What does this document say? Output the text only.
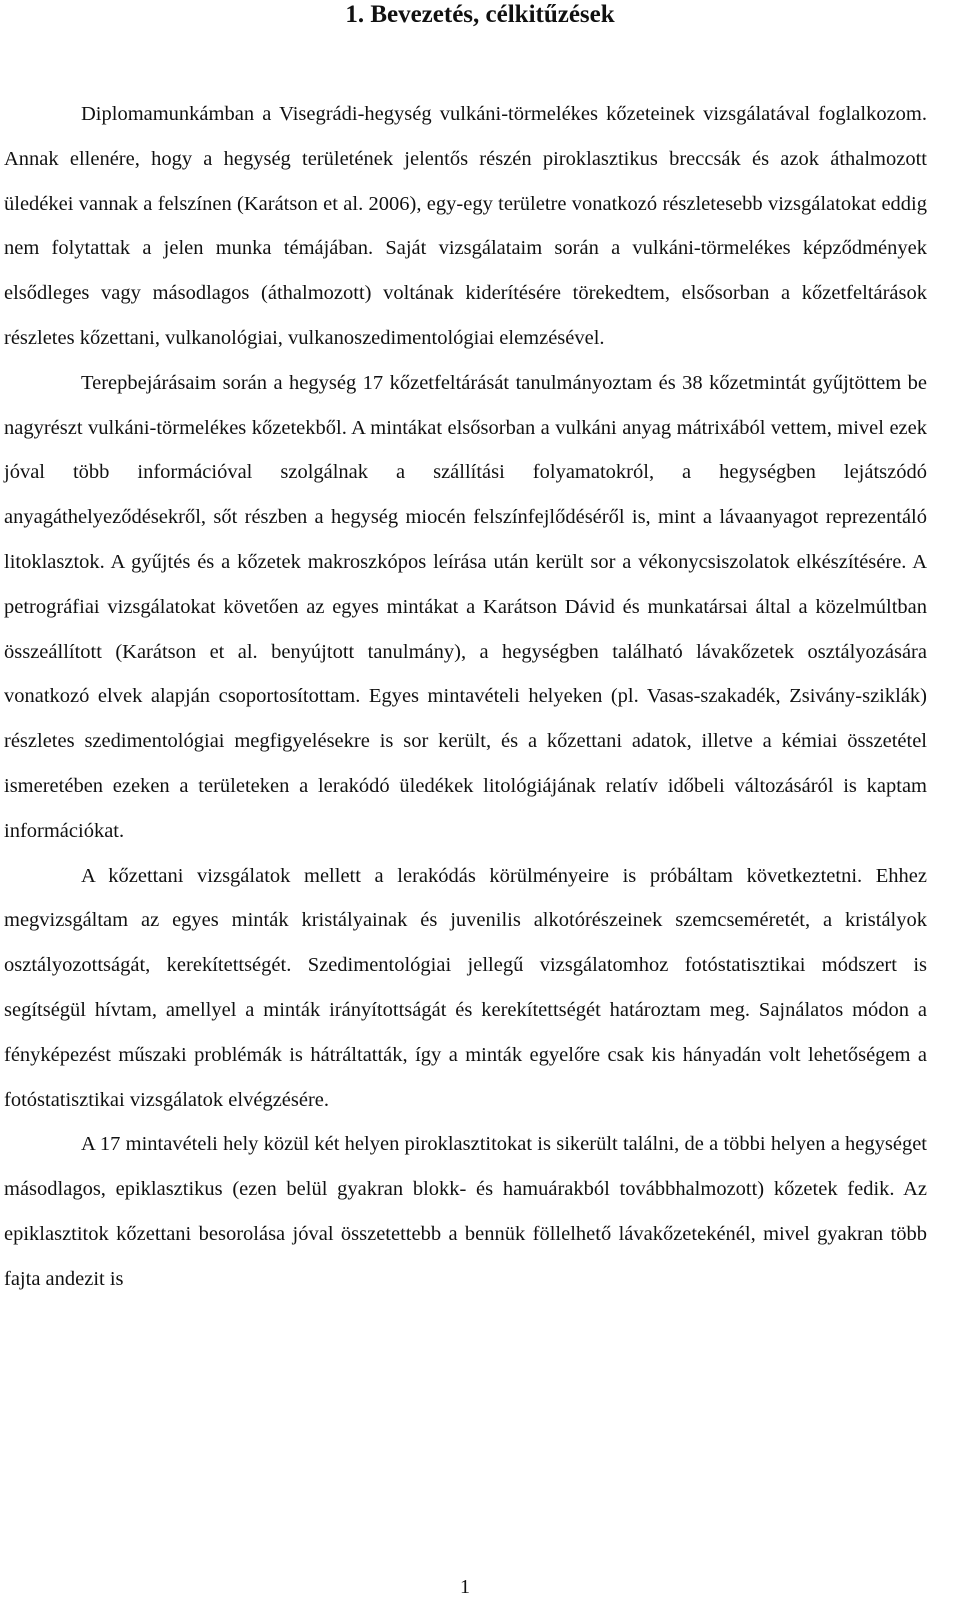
1. Bevezetés, célkitűzések

Diplomamunkámban a Visegrádi-hegység vulkáni-törmelékes kőzeteinek vizsgálatával foglalkozom. Annak ellenére, hogy a hegység területének jelentős részén piroklasztikus breccsák és azok áthalmozott üledékei vannak a felszínen (Karátson et al. 2006), egy-egy területre vonatkozó részletesebb vizsgálatokat eddig nem folytattak a jelen munka témájában. Saját vizsgálataim során a vulkáni-törmelékes képződmények elsődleges vagy másodlagos (áthalmozott) voltának kiderítésére törekedtem, elsősorban a kőzetfeltárások részletes kőzettani, vulkanológiai, vulkanoszedimentológiai elemzésével.

Terepbejárásaim során a hegység 17 kőzetfeltárását tanulmányoztam és 38 kőzetmintát gyűjtöttem be nagyrészt vulkáni-törmelékes kőzetekből. A mintákat elsősorban a vulkáni anyag mátrixából vettem, mivel ezek jóval több információval szolgálnak a szállítási folyamatokról, a hegységben lejátszódó anyagáthelyeződésekről, sőt részben a hegység miocén felszínfejlődéséről is, mint a lávaanyagot reprezentáló litoklasztok. A gyűjtés és a kőzetek makroszkópos leírása után került sor a vékonycsiszolatok elkészítésére. A petrográfiai vizsgálatokat követően az egyes mintákat a Karátson Dávid és munkatársai által a közelmúltban összeállított (Karátson et al. benyújtott tanulmány), a hegységben található lávakőzetek osztályozására vonatkozó elvek alapján csoportosítottam. Egyes mintavételi helyeken (pl. Vasas-szakadék, Zsivány-sziklák) részletes szedimentológiai megfigyelésekre is sor került, és a kőzettani adatok, illetve a kémiai összetétel ismeretében ezeken a területeken a lerakódó üledékek litológiájának relatív időbeli változásáról is kaptam információkat.

A kőzettani vizsgálatok mellett a lerakódás körülményeire is próbáltam következtetni. Ehhez megvizsgáltam az egyes minták kristályainak és juvenilis alkotórészeinek szemcseméretét, a kristályok osztályozottságát, kerekítettségét. Szedimentológiai jellegű vizsgálatomhoz fotóstatisztikai módszert is segítségül hívtam, amellyel a minták irányítottságát és kerekítettségét határoztam meg. Sajnálatos módon a fényképezést műszaki problémák is hátráltatták, így a minták egyelőre csak kis hányadán volt lehetőségem a fotóstatisztikai vizsgálatok elvégzésére.

A 17 mintavételi hely közül két helyen piroklasztitokat is sikerült találni, de a többi helyen a hegységet másodlagos, epiklasztikus (ezen belül gyakran blokk- és hamuárakból továbbhalmozott) kőzetek fedik. Az epiklasztitok kőzettani besorolása jóval összetettebb a bennük föllelhető lávakőzetekénél, mivel gyakran több fajta andezit is

1
